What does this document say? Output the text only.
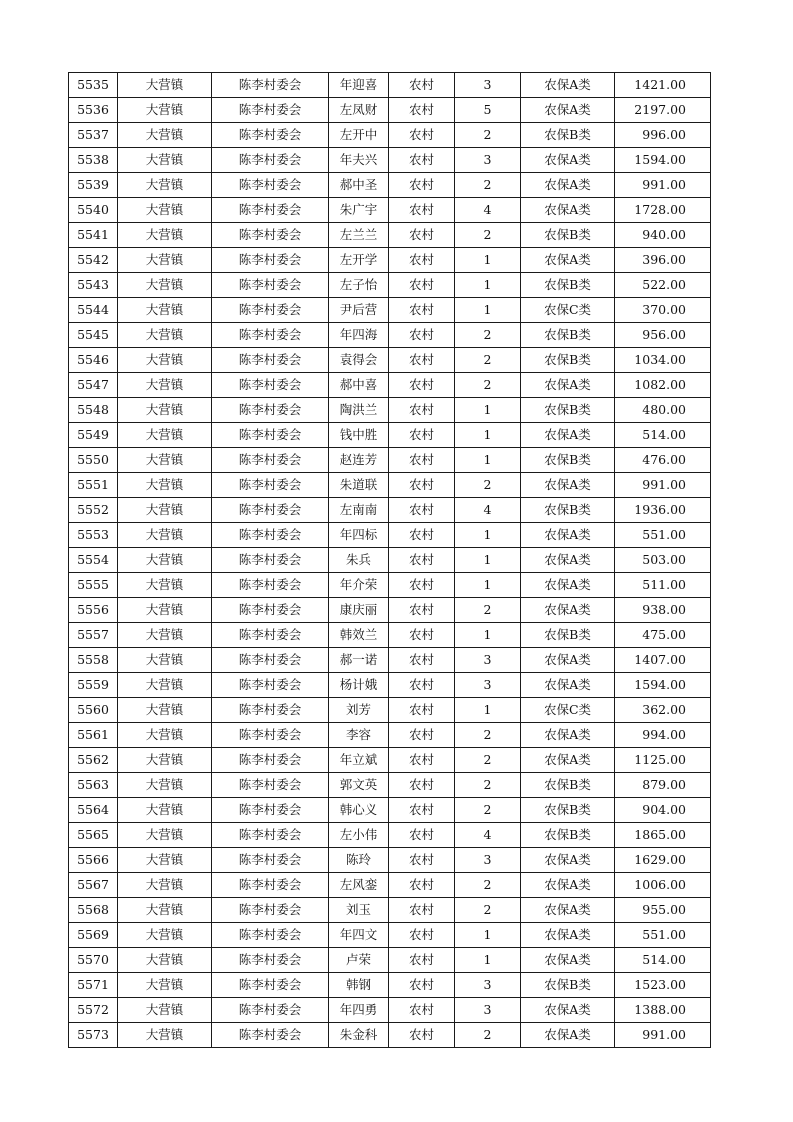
5535	大营镇	陈李村委会	年迎喜	农村	3	农保A类	1421.00
5536	大营镇	陈李村委会	左凤财	农村	5	农保A类	2197.00
5537	大营镇	陈李村委会	左开中	农村	2	农保B类	996.00
5538	大营镇	陈李村委会	年夫兴	农村	3	农保A类	1594.00
5539	大营镇	陈李村委会	郝中圣	农村	2	农保A类	991.00
5540	大营镇	陈李村委会	朱广宇	农村	4	农保A类	1728.00
5541	大营镇	陈李村委会	左兰兰	农村	2	农保B类	940.00
5542	大营镇	陈李村委会	左开学	农村	1	农保A类	396.00
5543	大营镇	陈李村委会	左子怡	农村	1	农保B类	522.00
5544	大营镇	陈李村委会	尹后营	农村	1	农保C类	370.00
5545	大营镇	陈李村委会	年四海	农村	2	农保B类	956.00
5546	大营镇	陈李村委会	袁得会	农村	2	农保B类	1034.00
5547	大营镇	陈李村委会	郝中喜	农村	2	农保A类	1082.00
5548	大营镇	陈李村委会	陶洪兰	农村	1	农保B类	480.00
5549	大营镇	陈李村委会	钱中胜	农村	1	农保A类	514.00
5550	大营镇	陈李村委会	赵连芳	农村	1	农保B类	476.00
5551	大营镇	陈李村委会	朱道联	农村	2	农保A类	991.00
5552	大营镇	陈李村委会	左南南	农村	4	农保B类	1936.00
5553	大营镇	陈李村委会	年四标	农村	1	农保A类	551.00
5554	大营镇	陈李村委会	朱兵	农村	1	农保A类	503.00
5555	大营镇	陈李村委会	年介荣	农村	1	农保A类	511.00
5556	大营镇	陈李村委会	康庆丽	农村	2	农保A类	938.00
5557	大营镇	陈李村委会	韩效兰	农村	1	农保B类	475.00
5558	大营镇	陈李村委会	郝一诺	农村	3	农保A类	1407.00
5559	大营镇	陈李村委会	杨计娥	农村	3	农保A类	1594.00
5560	大营镇	陈李村委会	刘芳	农村	1	农保C类	362.00
5561	大营镇	陈李村委会	李容	农村	2	农保A类	994.00
5562	大营镇	陈李村委会	年立斌	农村	2	农保A类	1125.00
5563	大营镇	陈李村委会	郭文英	农村	2	农保B类	879.00
5564	大营镇	陈李村委会	韩心义	农村	2	农保B类	904.00
5565	大营镇	陈李村委会	左小伟	农村	4	农保B类	1865.00
5566	大营镇	陈李村委会	陈玲	农村	3	农保A类	1629.00
5567	大营镇	陈李村委会	左风銮	农村	2	农保A类	1006.00
5568	大营镇	陈李村委会	刘玉	农村	2	农保A类	955.00
5569	大营镇	陈李村委会	年四文	农村	1	农保A类	551.00
5570	大营镇	陈李村委会	卢荣	农村	1	农保A类	514.00
5571	大营镇	陈李村委会	韩钢	农村	3	农保B类	1523.00
5572	大营镇	陈李村委会	年四勇	农村	3	农保A类	1388.00
5573	大营镇	陈李村委会	朱金科	农村	2	农保A类	991.00
